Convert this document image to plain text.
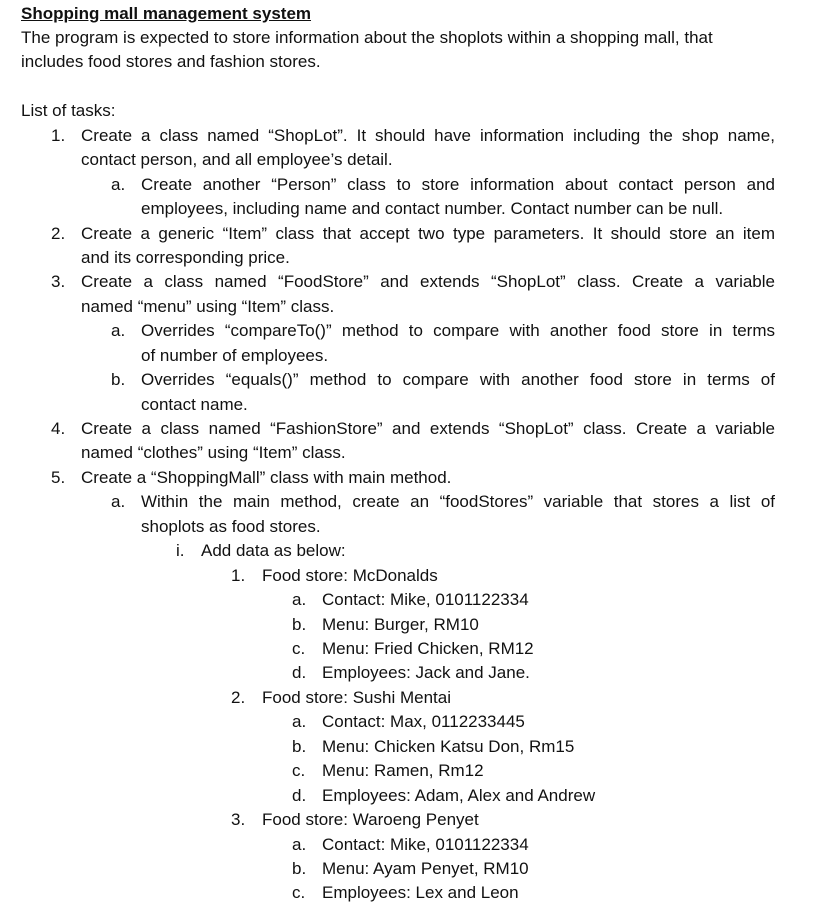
Shopping mall management system
The program is expected to store information about the shoplots within a shopping mall, that
includes food stores and fashion stores.
List of tasks:
1. Create a class named “ShopLot”. It should have information including the shop name,
contact person, and all employee’s detail.
a. Create another “Person” class to store information about contact person and
employees, including name and contact number. Contact number can be null.
2. Create a generic “Item” class that accept two type parameters. It should store an item
and its corresponding price.
3. Create a class named “FoodStore” and extends “ShopLot” class. Create a variable
named “menu” using “Item” class.
a. Overrides “compareTo()” method to compare with another food store in terms
of number of employees.
b. Overrides “equals()” method to compare with another food store in terms of
contact name.
4. Create a class named “FashionStore” and extends “ShopLot” class. Create a variable
named “clothes” using “Item” class.
5. Create a “ShoppingMall” class with main method.
a. Within the main method, create an “foodStores” variable that stores a list of
shoplots as food stores.
i. Add data as below:
1. Food store: McDonalds
a. Contact: Mike, 0101122334
b. Menu: Burger, RM10
c. Menu: Fried Chicken, RM12
d. Employees: Jack and Jane.
2. Food store: Sushi Mentai
a. Contact: Max, 0112233445
b. Menu: Chicken Katsu Don, Rm15
c. Menu: Ramen, Rm12
d. Employees: Adam, Alex and Andrew
3. Food store: Waroeng Penyet
a. Contact: Mike, 0101122334
b. Menu: Ayam Penyet, RM10
c. Employees: Lex and Leon
